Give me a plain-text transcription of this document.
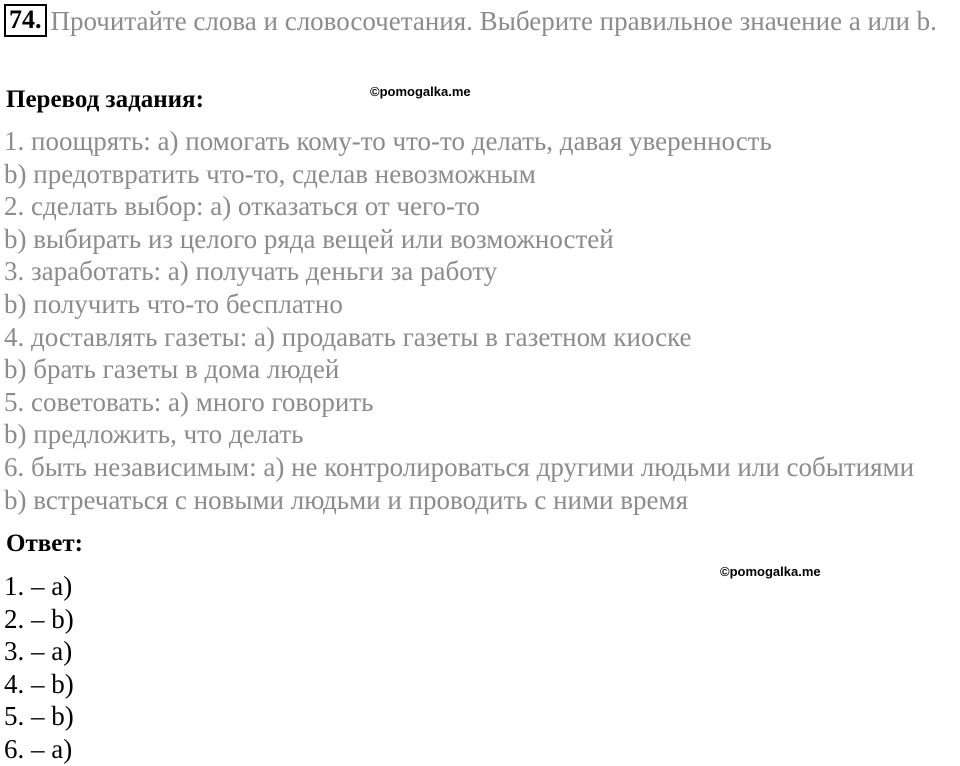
74. Прочитайте слова и словосочетания. Выберите правильное значение a или b.
©pomogalka.me
Перевод задания:
1. поощрять: a) помогать кому-то что-то делать, давая уверенность
b) предотвратить что-то, сделав невозможным
2. сделать выбор: a) отказаться от чего-то
b) выбирать из целого ряда вещей или возможностей
3. заработать: a) получать деньги за работу
b) получить что-то бесплатно
4. доставлять газеты: a) продавать газеты в газетном киоске
b) брать газеты в дома людей
5. советовать: a) много говорить
b) предложить, что делать
6. быть независимым: a) не контролироваться другими людьми или событиями
b) встречаться с новыми людьми и проводить с ними время
Ответ:
©pomogalka.me
1. – a)
2. – b)
3. – a)
4. – b)
5. – b)
6. – a)
